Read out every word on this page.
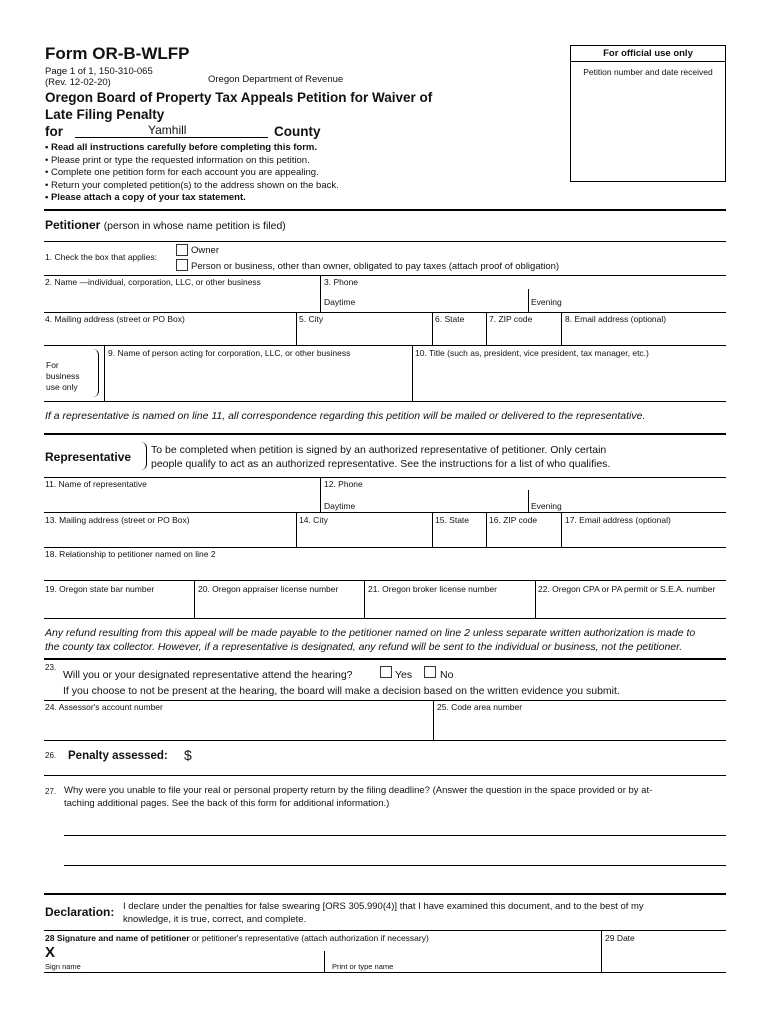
Form OR-B-WLFP
Page 1 of 1, 150-310-065
(Rev. 12-02-20)	Oregon Department of Revenue
Oregon Board of Property Tax Appeals Petition for Waiver of
Late Filing Penalty
for	Yamhill	County
For official use only
Petition number and date received
• Read all instructions carefully before completing this form.
• Please print or type the requested information on this petition.
• Complete one petition form for each account you are appealing.
• Return your completed petition(s) to the address shown on the back.
• Please attach a copy of your tax statement.
Petitioner (person in whose name petition is filed)
1. Check the box that applies:
Owner
Person or business, other than owner, obligated to pay taxes (attach proof of obligation)
2. Name —individual, corporation, LLC, or other business	3. Phone
Daytime	Evening
4. Mailing address (street or PO Box)	5. City	6. State	7. ZIP code	8. Email address (optional)
For business use only
9. Name of person acting for corporation, LLC, or other business	10. Title (such as, president, vice president, tax manager, etc.)
If a representative is named on line 11, all correspondence regarding this petition will be mailed or delivered to the representative.
Representative To be completed when petition is signed by an authorized representative of petitioner. Only certain
people qualify to act as an authorized representative. See the instructions for a list of who qualifies.
11. Name of representative	12. Phone
Daytime	Evening
13. Mailing address (street or PO Box)	14. City	15. State 16. ZIP code	17. Email address (optional)
18. Relationship to petitioner named on line 2
19. Oregon state bar number	20. Oregon appraiser license number	21. Oregon broker license number	22. Oregon CPA or PA permit or S.E.A. number
Any refund resulting from this appeal will be made payable to the petitioner named on line 2 unless separate written authorization is made to
the county tax collector. However, if a representative is designated, any refund will be sent to the individual or business, not the petitioner.
23.
Will you or your designated representative attend the hearing?	Yes	No
If you choose to not be present at the hearing, the board will make a decision based on the written evidence you submit.
24. Assessor's account number	25. Code area number
26. Penalty assessed: $
27. Why were you unable to file your real or personal property return by the filing deadline? (Answer the question in the space provided or by at-
taching additional pages. See the back of this form for additional information.)
Declaration: I declare under the penalties for false swearing [ORS 305.990(4)] that I have examined this document, and to the best of my
knowledge, it is true, correct, and complete.
28 Signature and name of petitioner or petitioner's representative (attach authorization if necessary)	29 Date
X
Sign name	Print or type name
